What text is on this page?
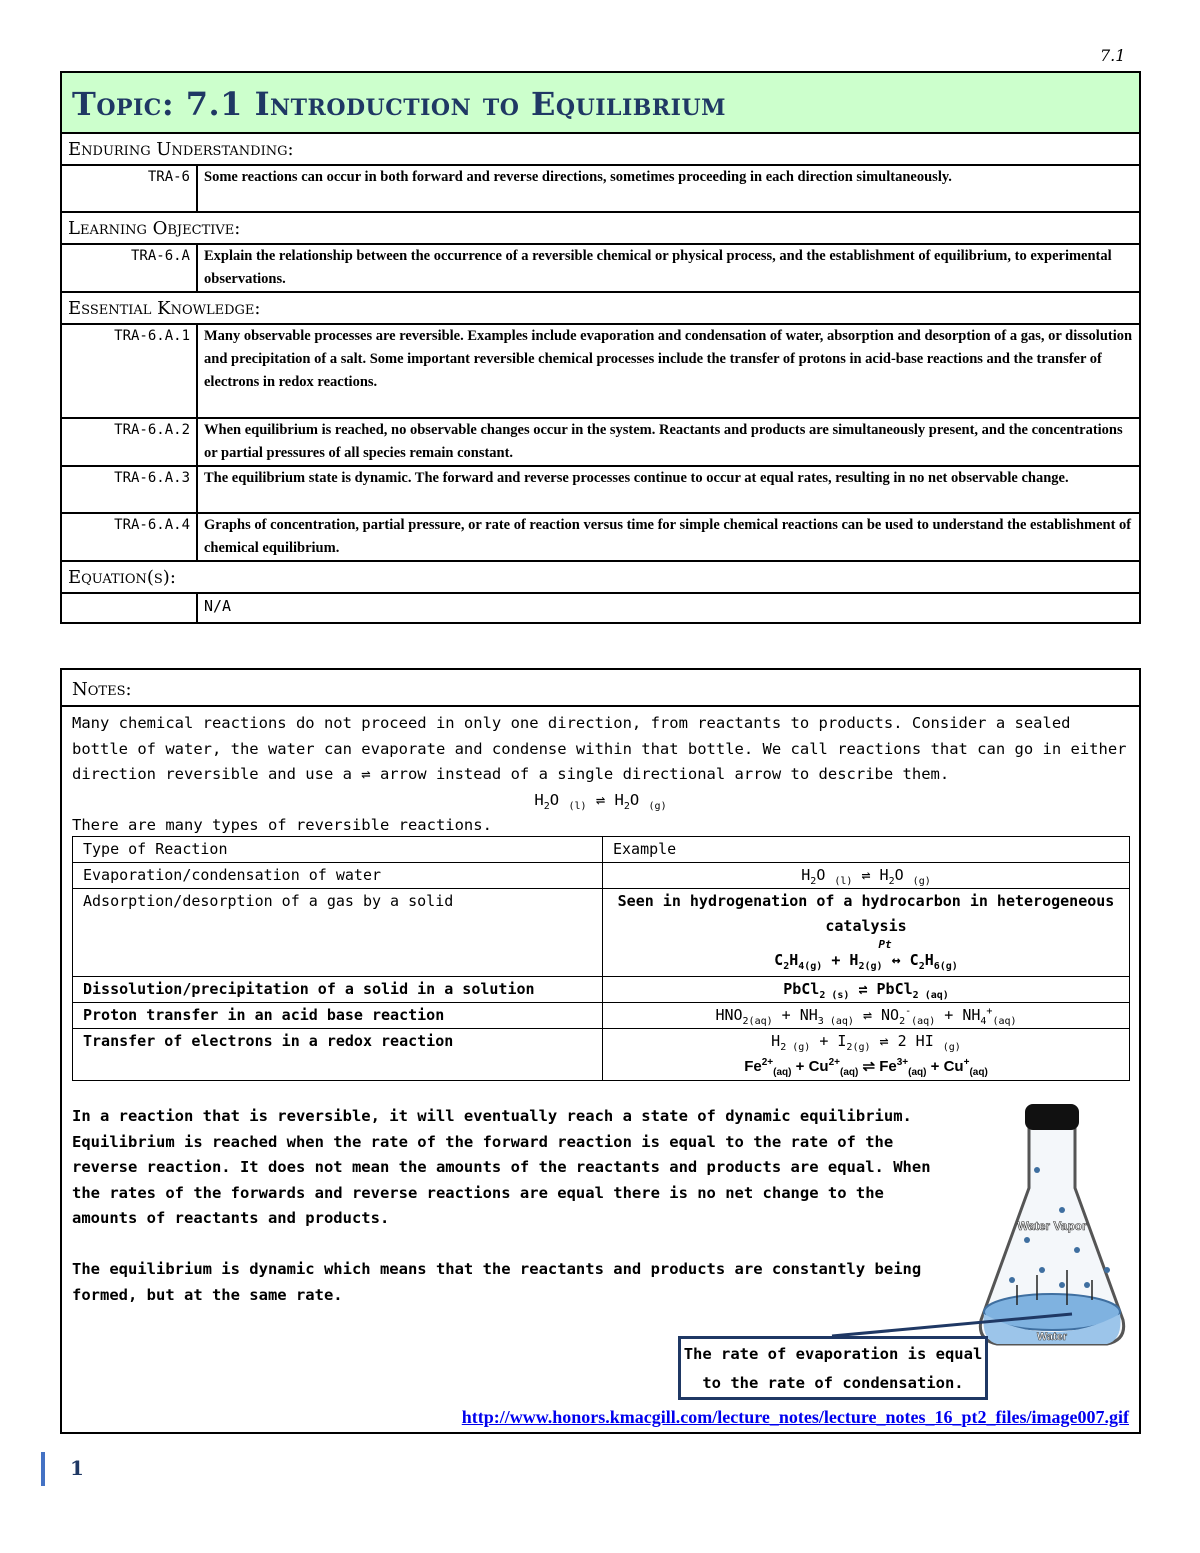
7.1
Topic: 7.1 Introduction to Equilibrium	
Enduring Understanding:	
TRA-6	Some reactions can occur in both forward and reverse directions, sometimes proceeding in each direction simultaneously.
Learning Objective:	
TRA-6.A	Explain the relationship between the occurrence of a reversible chemical or physical process, and the establishment of equilibrium, to experimental observations.
Essential Knowledge:	
TRA-6.A.1	Many observable processes are reversible. Examples include evaporation and condensation of water, absorption and desorption of a gas, or dissolution and precipitation of a salt. Some important reversible chemical processes include the transfer of protons in acid-base reactions and the transfer of electrons in redox reactions.
TRA-6.A.2	When equilibrium is reached, no observable changes occur in the system. Reactants and products are simultaneously present, and the concentrations or partial pressures of all species remain constant.
TRA-6.A.3	The equilibrium state is dynamic. The forward and reverse processes continue to occur at equal rates, resulting in no net observable change.
TRA-6.A.4	Graphs of concentration, partial pressure, or rate of reaction versus time for simple chemical reactions can be used to understand the establishment of chemical equilibrium.
Equation(s):	
	N/A
Notes:
Many chemical reactions do not proceed in only one direction, from reactants to products. Consider a sealed bottle of water, the water can evaporate and condense within that bottle. We call reactions that can go in either direction reversible and use a ⇌ arrow instead of a single directional arrow to describe them.
$H_2O$ $_{(l)}$ ⇌ $H_2O$ $_{(g)}$
There are many types of reversible reactions.
Type of Reaction	Example
Evaporation/condensation of water	$H_2O$ $_{(l)}$ ⇌ $H_2O$ $_{(g)}$
Adsorption/desorption of a gas by a solid	Seen in hydrogenation of a hydrocarbon in heterogeneous catalysis
Pt
$C_2H_{4(g)} + H_{2(g)}$ ↔ $C_2H_{6(g)}$

Dissolution/precipitation of a solid in a solution	PbCl$_{2 (s)}$ ⇌ PbCl$_{2 (aq)}$
Proton transfer in an acid base reaction	$HNO_{2(aq)} + NH_{3 (aq)}$ ⇌ $NO_2^-_{(aq)} + NH_4^+_{(aq)}$
Transfer of electrons in a redox reaction	$H_{2 (g)} + I_{2(g)}$ ⇌ 2 HI $_{(g)}$
$Fe^{2+}_{(aq)} + Cu^{2+}_{(aq)}$ ⇌ $Fe^{3+}_{(aq)} + Cu^+_{(aq)}$
In a reaction that is reversible, it will eventually reach a state of dynamic equilibrium. Equilibrium is reached when the rate of the forward reaction is equal to the rate of the reverse reaction. It does not mean the amounts of the reactants and products are equal. When the rates of the forwards and reverse reactions are equal there is no net change to the amounts of reactants and products.
The equilibrium is dynamic which means that the reactants and products are constantly being formed, but at the same rate.
Water Vapor
Water
The rate of evaporation is equal to the rate of condensation.
http://www.honors.kmacgill.com/lecture_notes/lecture_notes_16_pt2_files/image007.gif
1
